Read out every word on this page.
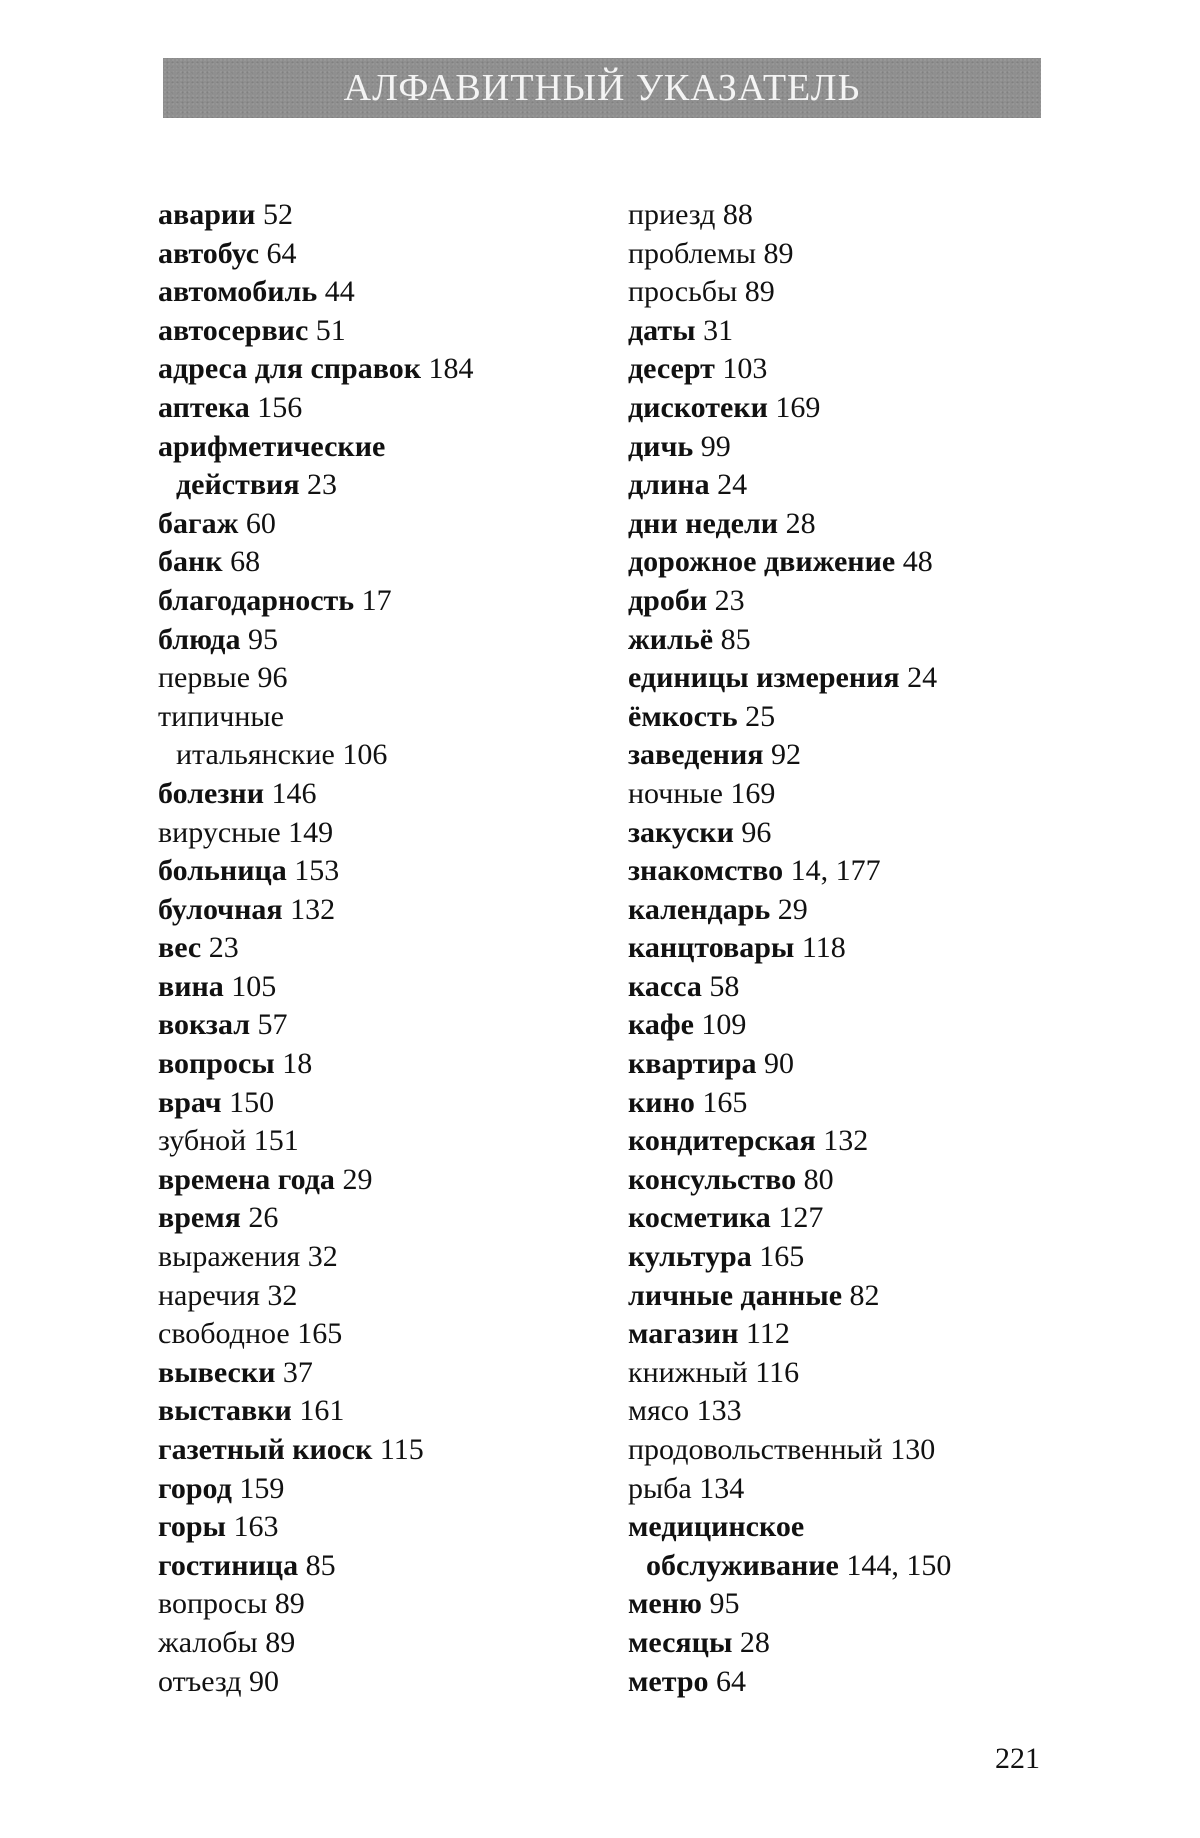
АЛФАВИТНЫЙ УКАЗАТЕЛЬ
аварии 52
автобус 64
автомобиль 44
автосервис 51
адреса для справок 184
аптека 156
арифметические
действия 23
багаж 60
банк 68
благодарность 17
блюда 95
первые 96
типичные
итальянские 106
болезни 146
вирусные 149
больница 153
булочная 132
вес 23
вина 105
вокзал 57
вопросы 18
врач 150
зубной 151
времена года 29
время 26
выражения 32
наречия 32
свободное 165
вывески 37
выставки 161
газетный киоск 115
город 159
горы 163
гостиница 85
вопросы 89
жалобы 89
отъезд 90
приезд 88
проблемы 89
просьбы 89
даты 31
десерт 103
дискотеки 169
дичь 99
длина 24
дни недели 28
дорожное движение 48
дроби 23
жильё 85
единицы измерения 24
ёмкость 25
заведения 92
ночные 169
закуски 96
знакомство 14, 177
календарь 29
канцтовары 118
касса 58
кафе 109
квартира 90
кино 165
кондитерская 132
консульство 80
косметика 127
культура 165
личные данные 82
магазин 112
книжный 116
мясо 133
продовольственный 130
рыба 134
медицинское
обслуживание 144, 150
меню 95
месяцы 28
метро 64
221
